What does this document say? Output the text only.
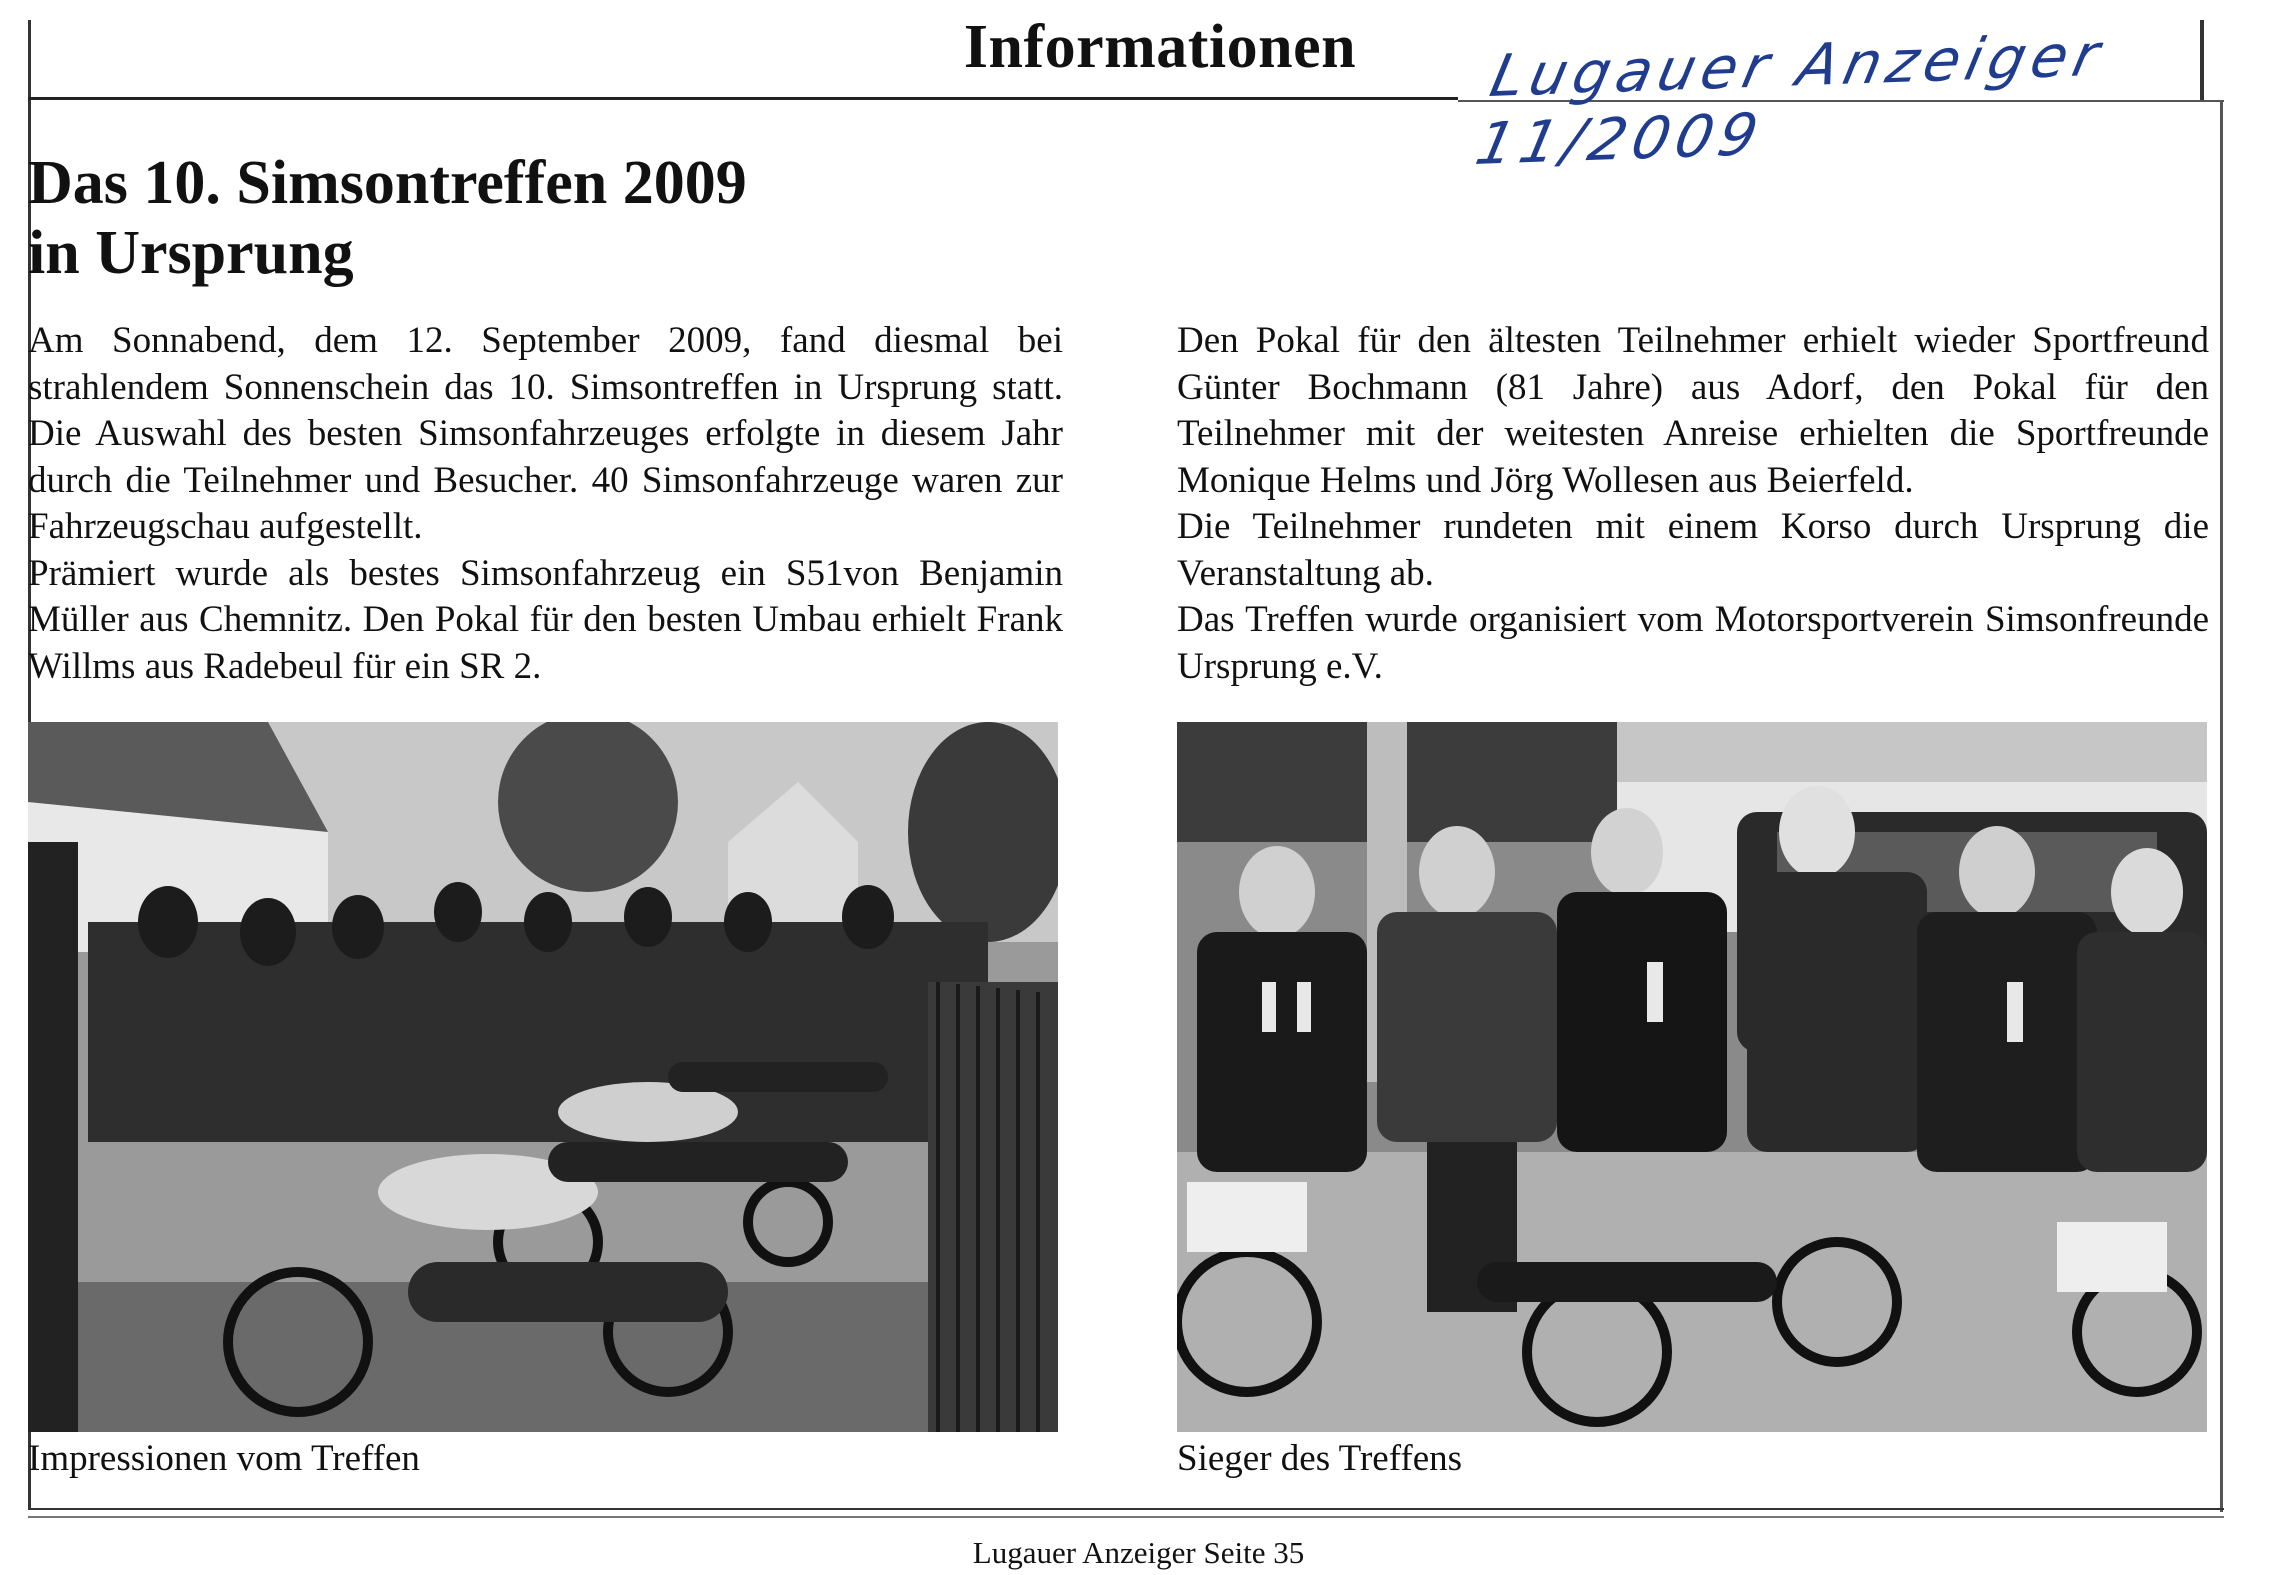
Informationen	Lugauer Anzeiger 11/2009
Das 10. Simsontreffen 2009
in Ursprung

Am Sonnabend, dem 12. September 2009, fand diesmal bei strahlendem Sonnenschein das 10. Simsontreffen in Ursprung statt. Die Auswahl des besten Simsonfahrzeuges erfolgte in diesem Jahr durch die Teilnehmer und Besucher. 40 Simsonfahrzeuge waren zur Fahrzeugschau aufgestellt.

Prämiert wurde als bestes Simsonfahrzeug ein S51von Benjamin Müller aus Chemnitz. Den Pokal für den besten Umbau erhielt Frank Willms aus Radebeul für ein SR 2.

Den Pokal für den ältesten Teilnehmer erhielt wieder Sportfreund Günter Bochmann (81 Jahre) aus Adorf, den Pokal für den Teilnehmer mit der weitesten Anreise erhielten die Sportfreunde Monique Helms und Jörg Wollesen aus Beierfeld.

Die Teilnehmer rundeten mit einem Korso durch Ursprung die Veranstaltung ab.

Das Treffen wurde organisiert vom Motorsportverein Simsonfreunde Ursprung e.V.

Impressionen vom Treffen	Sieger des Treffens
Lugauer Anzeiger Seite 35
